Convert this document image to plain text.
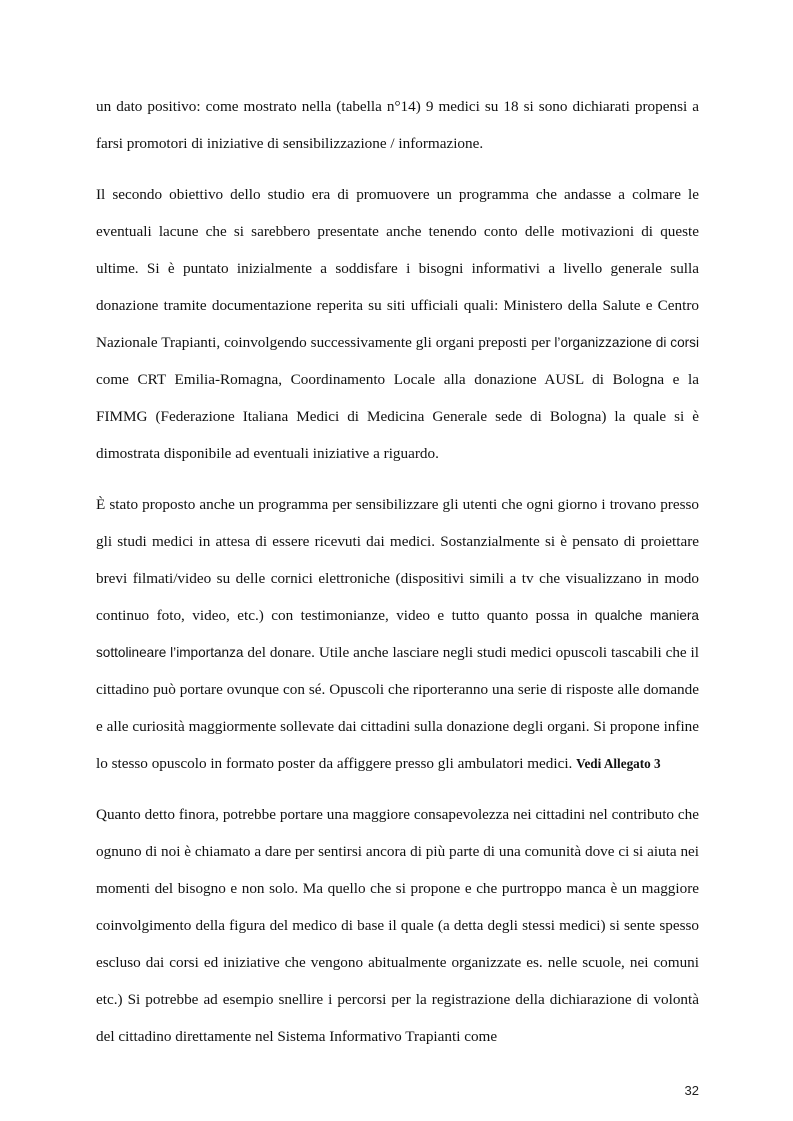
un dato positivo: come mostrato nella (tabella n°14) 9 medici su 18 si sono dichiarati propensi a farsi promotori di iniziative di sensibilizzazione / informazione.

Il secondo obiettivo dello studio era di promuovere un programma che andasse a colmare le eventuali lacune che si sarebbero presentate anche tenendo conto delle motivazioni di queste ultime. Si è puntato inizialmente a soddisfare i bisogni informativi a livello generale sulla donazione tramite documentazione reperita su siti ufficiali quali: Ministero della Salute e Centro Nazionale Trapianti, coinvolgendo successivamente gli organi preposti per l’organizzazione di corsi come CRT Emilia-Romagna, Coordinamento Locale alla donazione AUSL di Bologna e la FIMMG (Federazione Italiana Medici di Medicina Generale sede di Bologna) la quale si è dimostrata disponibile ad eventuali iniziative a riguardo.

È stato proposto anche un programma per sensibilizzare gli utenti che ogni giorno i trovano presso gli studi medici in attesa di essere ricevuti dai medici. Sostanzialmente si è pensato di proiettare brevi filmati/video su delle cornici elettroniche (dispositivi simili a tv che visualizzano in modo continuo foto, video, etc.) con testimonianze, video e tutto quanto possa in qualche maniera sottolineare l’importanza del donare. Utile anche lasciare negli studi medici opuscoli tascabili che il cittadino può portare ovunque con sé. Opuscoli che riporteranno una serie di risposte alle domande e alle curiosità maggiormente sollevate dai cittadini sulla donazione degli organi. Si propone infine lo stesso opuscolo in formato poster da affiggere presso gli ambulatori medici. Vedi Allegato 3

Quanto detto finora, potrebbe portare una maggiore consapevolezza nei cittadini nel contributo che ognuno di noi è chiamato a dare per sentirsi ancora di più parte di una comunità dove ci si aiuta nei momenti del bisogno e non solo. Ma quello che si propone e che purtroppo manca è un maggiore coinvolgimento della figura del medico di base il quale (a detta degli stessi medici) si sente spesso escluso dai corsi ed iniziative che vengono abitualmente organizzate es. nelle scuole, nei comuni etc.) Si potrebbe ad esempio snellire i percorsi per la registrazione della dichiarazione di volontà del cittadino direttamente nel Sistema Informativo Trapianti come

32
